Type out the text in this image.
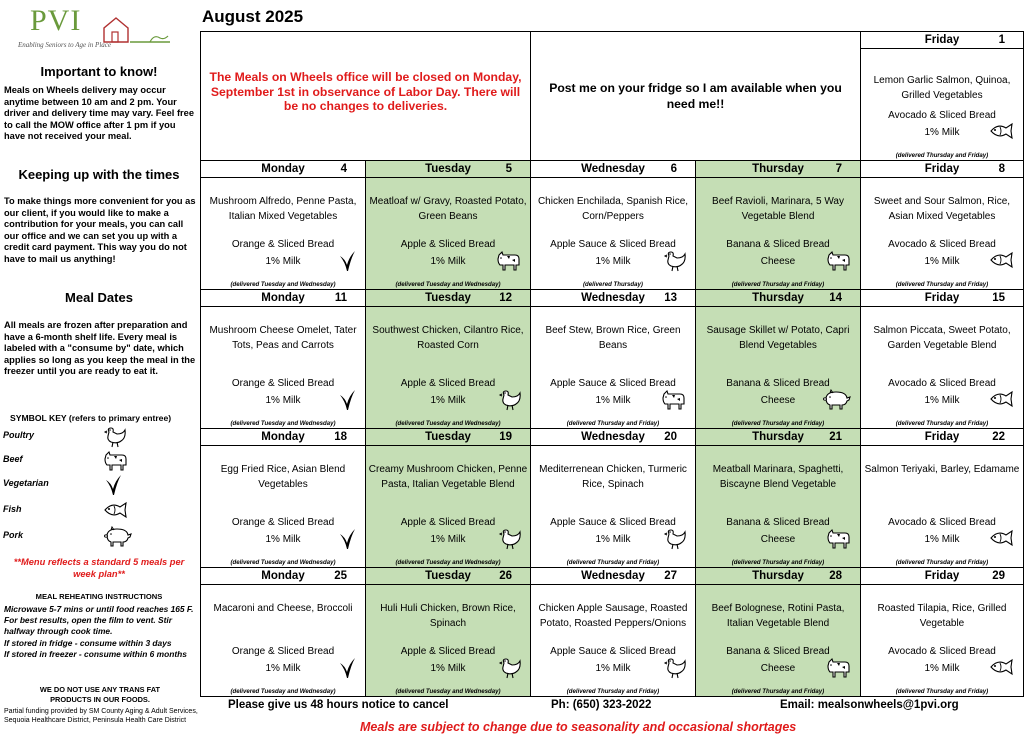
PVI
Enabling Seniors to Age in Place
Important to know!
Meals on Wheels delivery may occur anytime between 10 am and 2 pm. Your driver and delivery time may vary. Feel free to call the MOW office after 1 pm if you have not received your meal.
Keeping up with the times
To make things more convenient for you as our client, if you would like to make a contribution for your meals, you can call our office and we can set you up with a credit card payment. This way you do not have to mail us anything!
Meal Dates
All meals are frozen after preparation and have a 6-month shelf life. Every meal is labeled with a "consume by" date, which applies so long as you keep the meal in the freezer until you are ready to eat it.
SYMBOL KEY (refers to primary entree)
Poultry
Beef
Vegetarian
Fish
Pork
**Menu reflects a standard 5 meals per week plan**
MEAL REHEATING INSTRUCTIONS
Microwave 5-7 mins or until food reaches 165 F. For best results, open the film to vent. Stir halfway through cook time.
If stored in fridge - consume within 3 days
If stored in freezer - consume within 6 months
WE DO NOT USE ANY TRANS FAT PRODUCTS IN OUR FOODS.
Partial funding provided by SM County Aging & Adult Services, Sequoia Healthcare District, Peninsula Health Care District
August 2025
The Meals on Wheels office will be closed on Monday, September 1st in observance of Labor Day. There will be no changes to deliveries.
Post me on your fridge so I am available when you need me!!
Friday	1
Lemon Garlic Salmon, Quinoa, Grilled Vegetables
Avocado & Sliced Bread
1% Milk
(delivered Thursday and Friday)
Monday	4
Mushroom Alfredo, Penne Pasta, Italian Mixed Vegetables
Orange & Sliced Bread
1% Milk
(delivered Tuesday and Wednesday)
Tuesday	5
Meatloaf w/ Gravy, Roasted Potato, Green Beans
Apple & Sliced Bread
1% Milk
(delivered Tuesday and Wednesday)
Wednesday	6
Chicken Enchilada, Spanish Rice, Corn/Peppers
Apple Sauce & Sliced Bread
1% Milk
(delivered Thursday)
Thursday	7
Beef Ravioli, Marinara, 5 Way Vegetable Blend
Banana & Sliced Bread
Cheese
(delivered Thursday and Friday)
Friday	8
Sweet and Sour Salmon, Rice, Asian Mixed Vegetables
Avocado & Sliced Bread
1% Milk
(delivered Thursday and Friday)
Monday	11
Mushroom Cheese Omelet, Tater Tots, Peas and Carrots
Orange & Sliced Bread
1% Milk
(delivered Tuesday and Wednesday)
Tuesday	12
Southwest Chicken, Cilantro Rice, Roasted Corn
Apple & Sliced Bread
1% Milk
(delivered Tuesday and Wednesday)
Wednesday	13
Beef Stew, Brown Rice, Green Beans
Apple Sauce & Sliced Bread
1% Milk
(delivered Thursday and Friday)
Thursday	14
Sausage Skillet w/ Potato, Capri Blend Vegetables
Banana & Sliced Bread
Cheese
(delivered Thursday and Friday)
Friday	15
Salmon Piccata, Sweet Potato, Garden Vegetable Blend
Avocado & Sliced Bread
1% Milk
(delivered Thursday and Friday)
Monday	18
Egg Fried Rice, Asian Blend Vegetables
Orange & Sliced Bread
1% Milk
(delivered Tuesday and Wednesday)
Tuesday	19
Creamy Mushroom Chicken, Penne Pasta, Italian Vegetable Blend
Apple & Sliced Bread
1% Milk
(delivered Tuesday and Wednesday)
Wednesday	20
Mediterrenean Chicken, Turmeric Rice, Spinach
Apple Sauce & Sliced Bread
1% Milk
(delivered Thursday and Friday)
Thursday	21
Meatball Marinara, Spaghetti, Biscayne Blend Vegetable
Banana & Sliced Bread
Cheese
(delivered Thursday and Friday)
Friday	22
Salmon Teriyaki, Barley, Edamame
Avocado & Sliced Bread
1% Milk
(delivered Thursday and Friday)
Monday	25
Macaroni and Cheese, Broccoli
Orange & Sliced Bread
1% Milk
(delivered Tuesday and Wednesday)
Tuesday	26
Huli Huli Chicken, Brown Rice, Spinach
Apple & Sliced Bread
1% Milk
(delivered Tuesday and Wednesday)
Wednesday	27
Chicken Apple Sausage, Roasted Potato, Roasted Peppers/Onions
Apple Sauce & Sliced Bread
1% Milk
(delivered Thursday and Friday)
Thursday	28
Beef Bolognese, Rotini Pasta, Italian Vegetable Blend
Banana & Sliced Bread
Cheese
(delivered Thursday and Friday)
Friday	29
Roasted Tilapia, Rice, Grilled Vegetable
Avocado & Sliced Bread
1% Milk
(delivered Thursday and Friday)
Please give us 48 hours notice to cancel	Ph: (650) 323-2022	Email: mealsonwheels@1pvi.org
Meals are subject to change due to seasonality and occasional shortages
